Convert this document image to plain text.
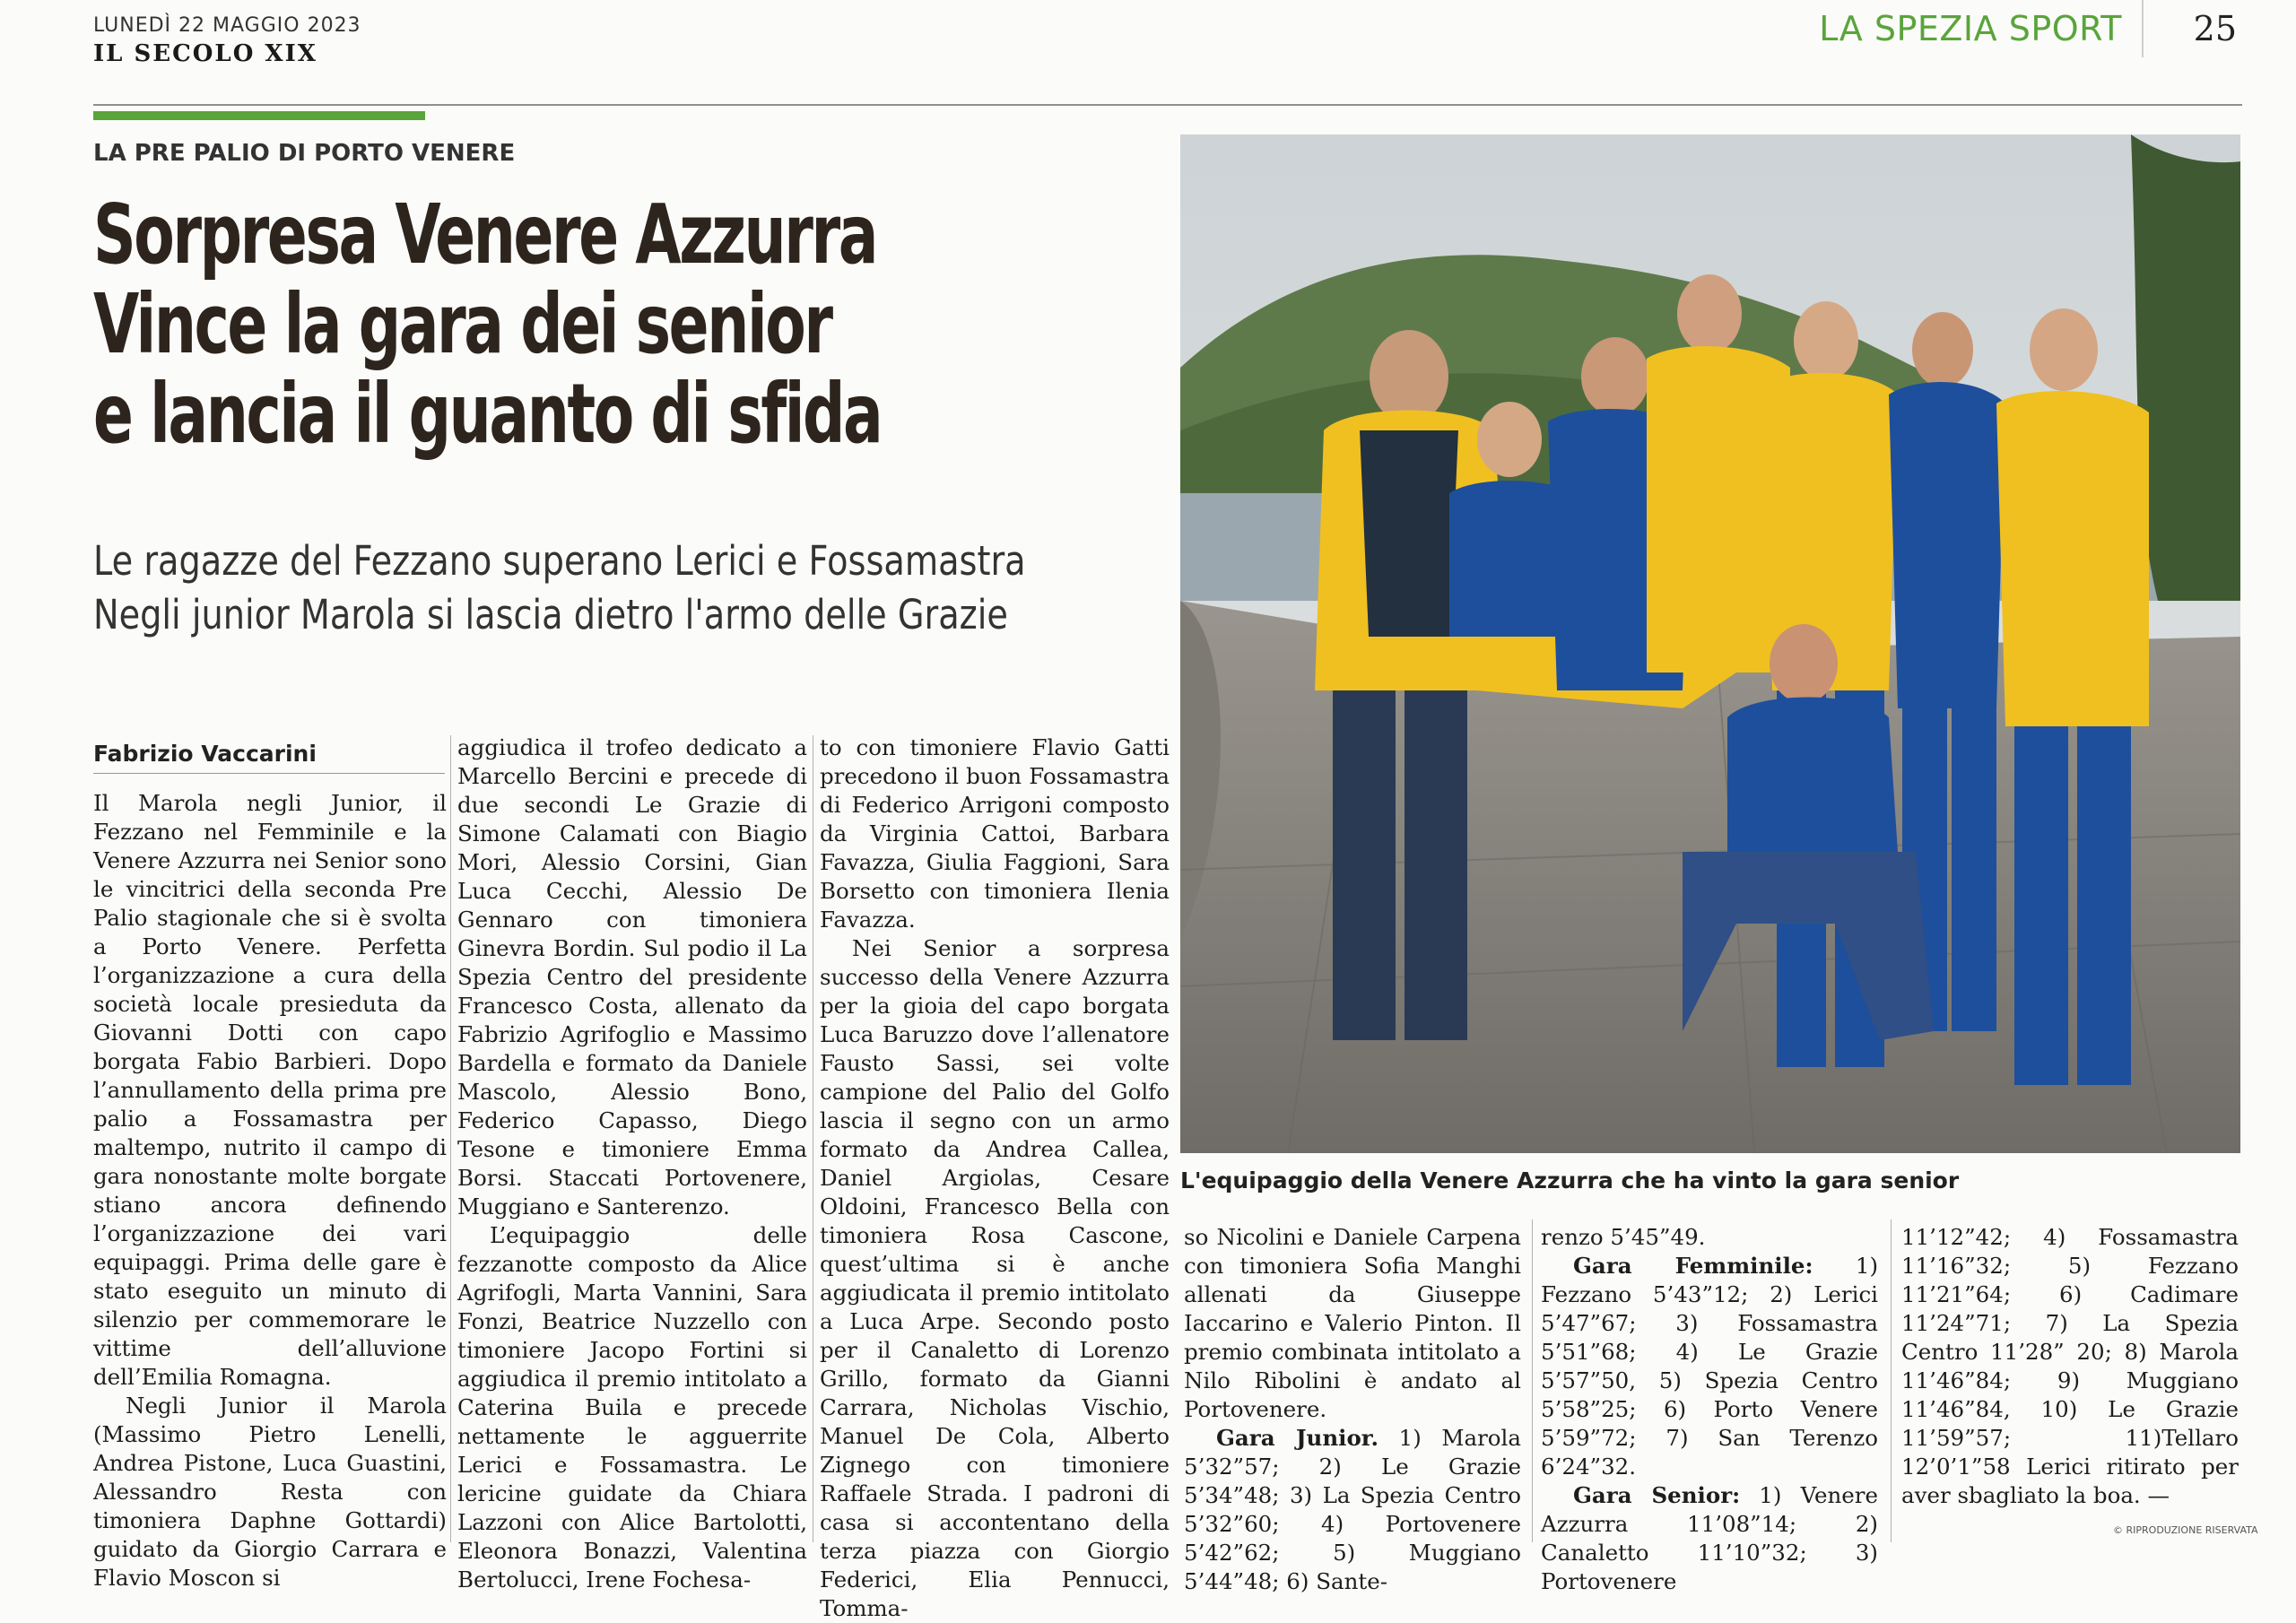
LUNEDÌ 22 MAGGIO 2023
IL SECOLO XIX
LA SPEZIA SPORT	25
LA PRE PALIO DI PORTO VENERE
Sorpresa Venere Azzurra
Vince la gara dei senior
e lancia il guanto di sfida
Le ragazze del Fezzano superano Lerici e Fossamastra
Negli junior Marola si lascia dietro l'armo delle Grazie
L'equipaggio della Venere Azzurra che ha vinto la gara senior
Fabrizio Vaccarini

Il Marola negli Junior, il Fezzano nel Femminile e la Venere Azzurra nei Senior sono le vincitrici della seconda Pre Palio stagionale che si è svolta a Porto Venere. Perfetta l’organizzazione a cura della società locale presieduta da Giovanni Dotti con capo borgata Fabio Barbieri. Dopo l’annullamento della prima pre palio a Fossamastra per maltempo, nutrito il campo di gara nonostante molte borgate stiano ancora definendo l’organizzazione dei vari equipaggi. Prima delle gare è stato eseguito un minuto di silenzio per commemorare le vittime dell’alluvione dell’Emilia Romagna.

Negli Junior il Marola (Massimo Pietro Lenelli, Andrea Pistone, Luca Guastini, Alessandro Resta con timoniera Daphne Gottardi) guidato da Giorgio Carrara e Flavio Moscon si

aggiudica il trofeo dedicato a Marcello Bercini e precede di due secondi Le Grazie di Simone Calamati con Biagio Mori, Alessio Corsini, Gian Luca Cecchi, Alessio De Gennaro con timoniera Ginevra Bordin. Sul podio il La Spezia Centro del presidente Francesco Costa, allenato da Fabrizio Agrifoglio e Massimo Bardella e formato da Daniele Mascolo, Alessio Bono, Federico Capasso, Diego Tesone e timoniere Emma Borsi. Staccati Portovenere, Muggiano e Santerenzo.

L’equipaggio delle fezzanotte composto da Alice Agrifogli, Marta Vannini, Sara Fonzi, Beatrice Nuzzello con timoniere Jacopo Fortini si aggiudica il premio intitolato a Caterina Buila e precede nettamente le agguerrite Lerici e Fossamastra. Le lericine guidate da Chiara Lazzoni con Alice Bartolotti, Eleonora Bonazzi, Valentina Bertolucci, Irene Fochesa-

to con timoniere Flavio Gatti precedono il buon Fossamastra di Federico Arrigoni composto da Virginia Cattoi, Barbara Favazza, Giulia Faggioni, Sara Borsetto con timoniera Ilenia Favazza.

Nei Senior a sorpresa successo della Venere Azzurra per la gioia del capo borgata Luca Baruzzo dove l’allenatore Fausto Sassi, sei volte campione del Palio del Golfo lascia il segno con un armo formato da Andrea Callea, Daniel Argiolas, Cesare Oldoini, Francesco Bella con timoniera Rosa Cascone, quest’ultima si è anche aggiudicata il premio intitolato a Luca Arpe. Secondo posto per il Canaletto di Lorenzo Grillo, formato da Gianni Carrara, Nicholas Vischio, Manuel De Cola, Alberto Zignego con timoniere Raffaele Strada. I padroni di casa si accontentano della terza piazza con Giorgio Federici, Elia Pennucci, Tomma-

so Nicolini e Daniele Carpena con timoniera Sofia Manghi allenati da Giuseppe Iaccarino e Valerio Pinton. Il premio combinata intitolato a Nilo Ribolini è andato al Portovenere.

Gara Junior. 1) Marola 5’32”57; 2) Le Grazie 5’34”48; 3) La Spezia Centro 5’32”60; 4) Portovenere 5’42”62; 5) Muggiano 5’44”48; 6) Sante-

renzo 5’45”49.

Gara Femminile: 1) Fezzano 5’43”12; 2) Lerici 5’47”67; 3) Fossamastra 5’51”68; 4) Le Grazie 5’57”50, 5) Spezia Centro 5’58”25; 6) Porto Venere 5’59”72; 7) San Terenzo 6’24”32.

Gara Senior: 1) Venere Azzurra 11’08”14; 2) Canaletto 11’10”32; 3) Portovenere

11’12”42; 4) Fossamastra 11’16”32; 5) Fezzano 11’21”64; 6) Cadimare 11’24”71; 7) La Spezia Centro 11’28” 20; 8) Marola 11’46”84; 9) Muggiano 11’46”84, 10) Le Grazie 11’59”57; 11)Tellaro 12’0’1”58 Lerici ritirato per aver sbagliato la boa. —

© RIPRODUZIONE RISERVATA
